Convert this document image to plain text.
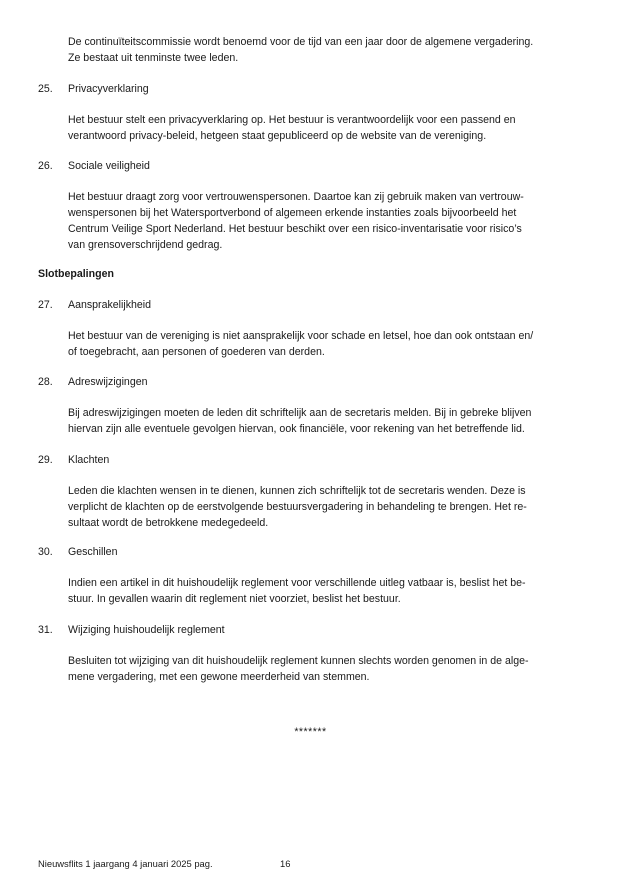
De continuïteitscommissie wordt benoemd voor de tijd van een jaar door de algemene vergadering.
Ze bestaat uit tenminste twee leden.

25. Privacyverklaring

Het bestuur stelt een privacyverklaring op. Het bestuur is verantwoordelijk voor een passend en
verantwoord privacy-beleid, hetgeen staat gepubliceerd op de website van de vereniging.

26. Sociale veiligheid

Het bestuur draagt zorg voor vertrouwenspersonen. Daartoe kan zij gebruik maken van vertrouw-
wenspersonen bij het Watersportverbond of algemeen erkende instanties zoals bijvoorbeeld het
Centrum Veilige Sport Nederland. Het bestuur beschikt over een risico-inventarisatie voor risico’s
van grensoverschrijdend gedrag.

Slotbepalingen

27. Aansprakelijkheid

Het bestuur van de vereniging is niet aansprakelijk voor schade en letsel, hoe dan ook ontstaan en/
of toegebracht, aan personen of goederen van derden.

28. Adreswijzigingen

Bij adreswijzigingen moeten de leden dit schriftelijk aan de secretaris melden. Bij in gebreke blijven
hiervan zijn alle eventuele gevolgen hiervan, ook financiële, voor rekening van het betreffende lid.

29. Klachten

Leden die klachten wensen in te dienen, kunnen zich schriftelijk tot de secretaris wenden. Deze is
verplicht de klachten op de eerstvolgende bestuursvergadering in behandeling te brengen. Het re-
sultaat wordt de betrokkene medegedeeld.

30. Geschillen

Indien een artikel in dit huishoudelijk reglement voor verschillende uitleg vatbaar is, beslist het be-
stuur. In gevallen waarin dit reglement niet voorziet, beslist het bestuur.

31. Wijziging huishoudelijk reglement

Besluiten tot wijziging van dit huishoudelijk reglement kunnen slechts worden genomen in de alge-
mene vergadering, met een gewone meerderheid van stemmen.

*******

Nieuwsflits 1 jaargang 4 januari 2025 pag.	16
